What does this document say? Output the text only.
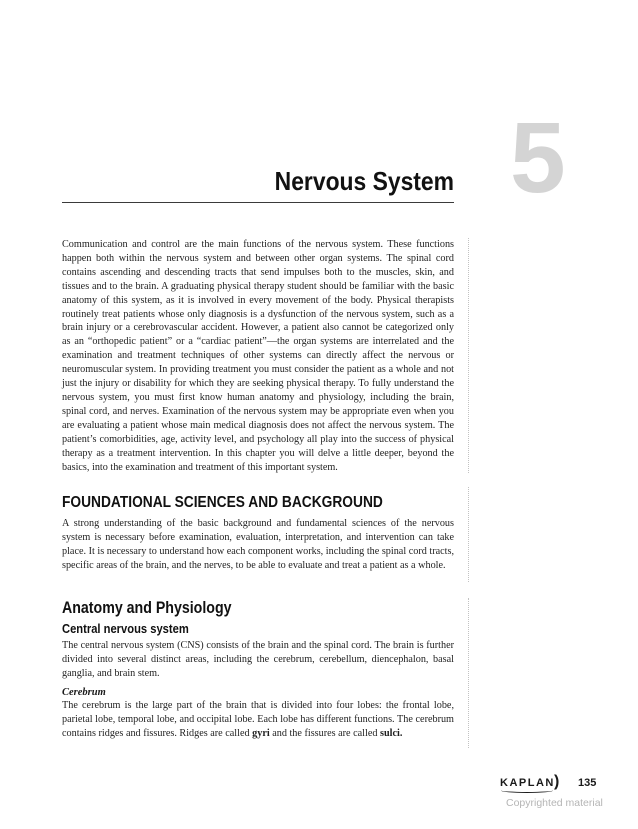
5
Nervous System

Communication and control are the main functions of the nervous system. These functions happen both within the nervous system and between other organ systems. The spinal cord contains ascending and descending tracts that send impulses both to the muscles, skin, and tissues and to the brain. A graduating physical therapy student should be familiar with the basic anatomy of this system, as it is involved in every movement of the body. Physical therapists routinely treat patients whose only diagnosis is a dysfunction of the nervous system, such as a brain injury or a cerebrovascular accident. However, a patient also cannot be categorized only as an “orthopedic patient” or a “cardiac patient”—the organ systems are interrelated and the examination and treatment techniques of other systems can directly affect the nervous or neuromuscular system. In providing treatment you must consider the patient as a whole and not just the injury or disability for which they are seeking physical therapy. To fully understand the nervous system, you must first know human anatomy and physiology, including the brain, spinal cord, and nerves. Examination of the nervous system may be appropriate even when you are evaluating a patient whose main medical diagnosis does not affect the nervous system. The patient’s comorbidities, age, activity level, and psychology all play into the success of physical therapy as a treatment intervention. In this chapter you will delve a little deeper, beyond the basics, into the examination and treatment of this important system.

FOUNDATIONAL SCIENCES AND BACKGROUND

A strong understanding of the basic background and fundamental sciences of the nervous system is necessary before examination, evaluation, interpretation, and intervention can take place. It is necessary to understand how each component works, including the spinal cord tracts, specific areas of the brain, and the nerves, to be able to evaluate and treat a patient as a whole.

Anatomy and Physiology
Central nervous system

The central nervous system (CNS) consists of the brain and the spinal cord. The brain is further divided into several distinct areas, including the cerebrum, cerebellum, diencephalon, basal ganglia, and brain stem.

Cerebrum

The cerebrum is the large part of the brain that is divided into four lobes: the frontal lobe, parietal lobe, temporal lobe, and occipital lobe. Each lobe has different functions. The cerebrum contains ridges and fissures. Ridges are called gyri and the fissures are called sulci.

KAPLAN ) 135
Copyrighted material
